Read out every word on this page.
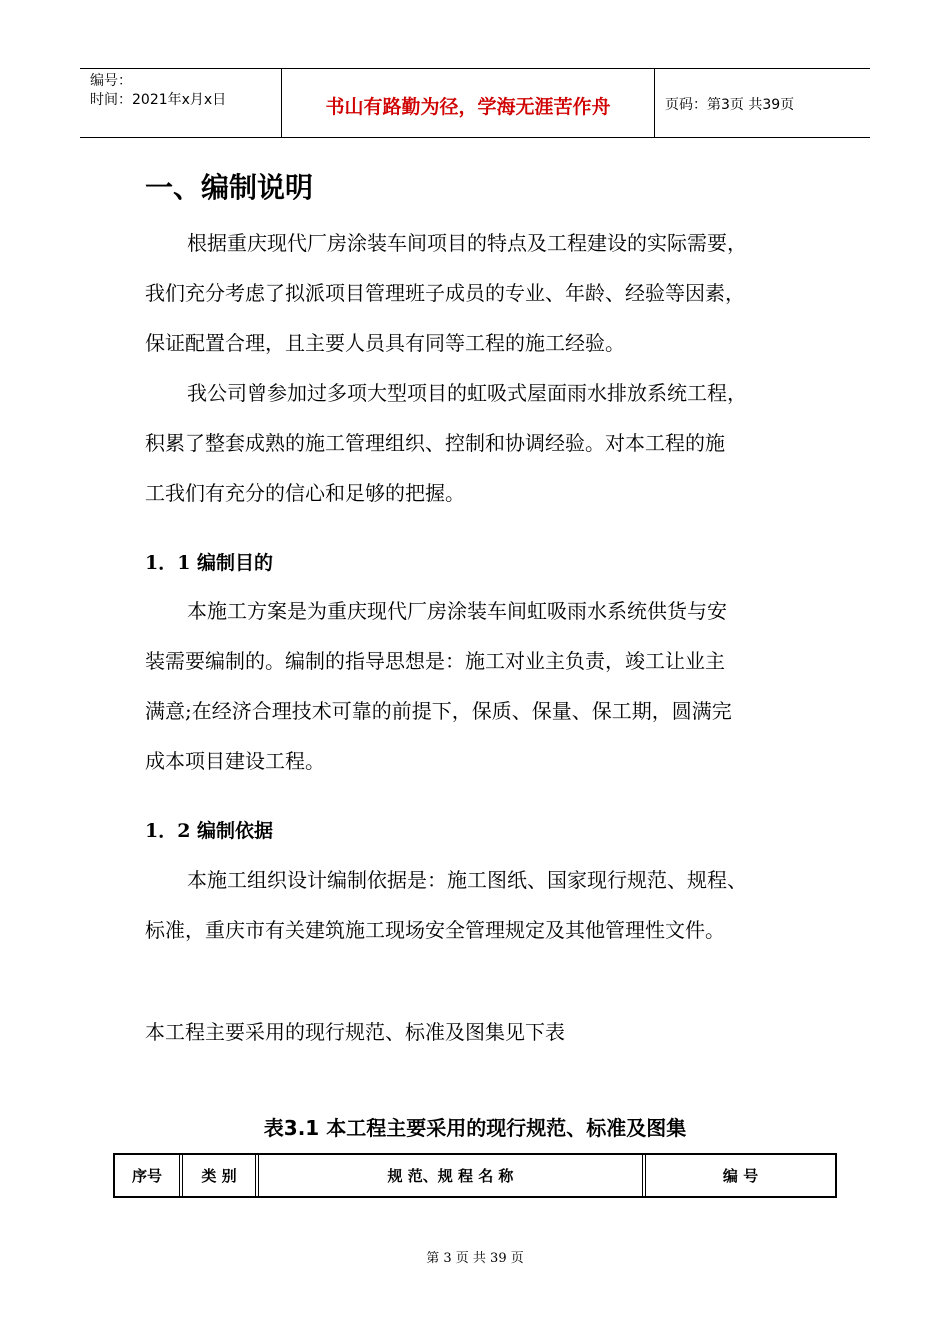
编号：
时间：2021年x月x日	书山有路勤为径，学海无涯苦作舟	页码：第3页 共39页
一、编制说明
根据重庆现代厂房涂装车间项目的特点及工程建设的实际需要，
我们充分考虑了拟派项目管理班子成员的专业、年龄、经验等因素，
保证配置合理，且主要人员具有同等工程的施工经验。
我公司曾参加过多项大型项目的虹吸式屋面雨水排放系统工程，
积累了整套成熟的施工管理组织、控制和协调经验。对本工程的施
工我们有充分的信心和足够的把握。
1．1 编制目的
本施工方案是为重庆现代厂房涂装车间虹吸雨水系统供货与安
装需要编制的。编制的指导思想是：施工对业主负责，竣工让业主
满意;在经济合理技术可靠的前提下，保质、保量、保工期，圆满完
成本项目建设工程。
1．2 编制依据
本施工组织设计编制依据是：施工图纸、国家现行规范、规程、
标准，重庆市有关建筑施工现场安全管理规定及其他管理性文件。
本工程主要采用的现行规范、标准及图集见下表
表3.1 本工程主要采用的现行规范、标准及图集
序号	类 别	规 范、规 程 名 称	编 号
第 3 页 共 39 页
